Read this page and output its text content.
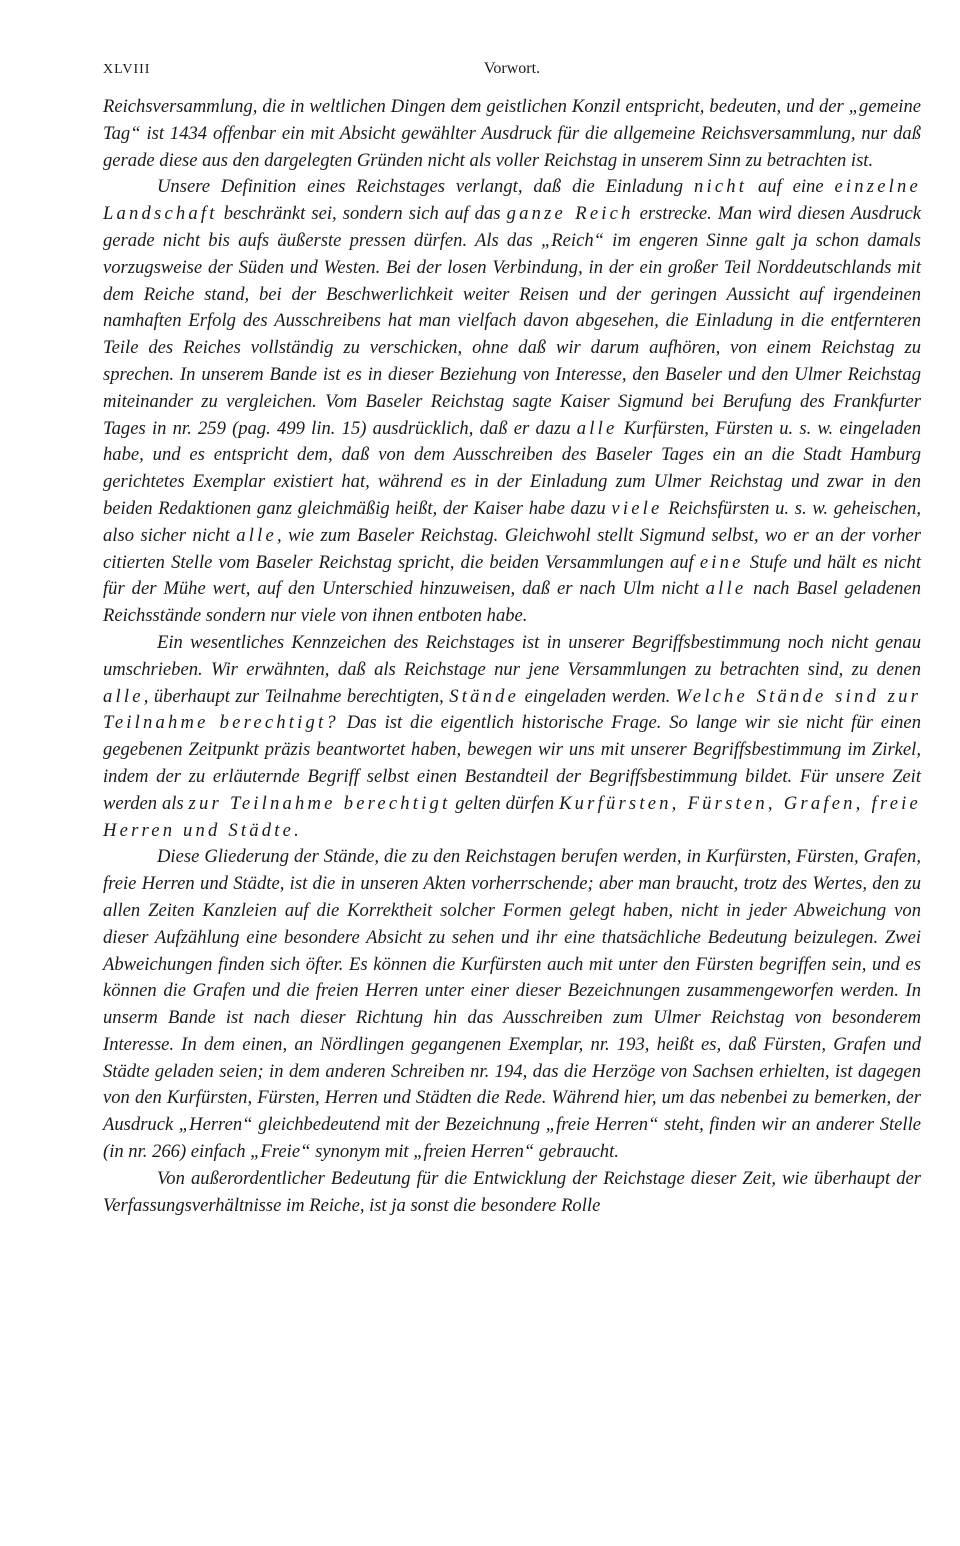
XLVIII	Vorwort.

Reichsversammlung, die in weltlichen Dingen dem geistlichen Konzil entspricht, bedeuten, und der „gemeine Tag“ ist 1434 offenbar ein mit Absicht gewählter Ausdruck für die allgemeine Reichsversammlung, nur daß gerade diese aus den dargelegten Gründen nicht als voller Reichstag in unserem Sinn zu betrachten ist.

Unsere Definition eines Reichstages verlangt, daß die Einladung nicht auf eine einzelne Landschaft beschränkt sei, sondern sich auf das ganze Reich erstrecke. Man wird diesen Ausdruck gerade nicht bis aufs äußerste pressen dürfen. Als das „Reich“ im engeren Sinne galt ja schon damals vorzugsweise der Süden und Westen. Bei der losen Verbindung, in der ein großer Teil Norddeutschlands mit dem Reiche stand, bei der Beschwerlichkeit weiter Reisen und der geringen Aussicht auf irgendeinen namhaften Erfolg des Ausschreibens hat man vielfach davon abgesehen, die Einladung in die entfernteren Teile des Reiches vollständig zu verschicken, ohne daß wir darum aufhören, von einem Reichstag zu sprechen. In unserem Bande ist es in dieser Beziehung von Interesse, den Baseler und den Ulmer Reichstag miteinander zu vergleichen. Vom Baseler Reichstag sagte Kaiser Sigmund bei Berufung des Frankfurter Tages in nr. 259 (pag. 499 lin. 15) ausdrücklich, daß er dazu alle Kurfürsten, Fürsten u. s. w. eingeladen habe, und es entspricht dem, daß von dem Ausschreiben des Baseler Tages ein an die Stadt Hamburg gerichtetes Exemplar existiert hat, während es in der Einladung zum Ulmer Reichstag und zwar in den beiden Redaktionen ganz gleichmäßig heißt, der Kaiser habe dazu viele Reichsfürsten u. s. w. geheischen, also sicher nicht alle, wie zum Baseler Reichstag. Gleichwohl stellt Sigmund selbst, wo er an der vorher citierten Stelle vom Baseler Reichstag spricht, die beiden Versammlungen auf eine Stufe und hält es nicht für der Mühe wert, auf den Unterschied hinzuweisen, daß er nach Ulm nicht alle nach Basel geladenen Reichsstände sondern nur viele von ihnen entboten habe.

Ein wesentliches Kennzeichen des Reichstages ist in unserer Begriffsbestimmung noch nicht genau umschrieben. Wir erwähnten, daß als Reichstage nur jene Versammlungen zu betrachten sind, zu denen alle, überhaupt zur Teilnahme berechtigten, Stände eingeladen werden. Welche Stände sind zur Teilnahme berechtigt? Das ist die eigentlich historische Frage. So lange wir sie nicht für einen gegebenen Zeitpunkt präzis beantwortet haben, bewegen wir uns mit unserer Begriffsbestimmung im Zirkel, indem der zu erläuternde Begriff selbst einen Bestandteil der Begriffsbestimmung bildet. Für unsere Zeit werden als zur Teilnahme berechtigt gelten dürfen Kurfürsten, Fürsten, Grafen, freie Herren und Städte.

Diese Gliederung der Stände, die zu den Reichstagen berufen werden, in Kurfürsten, Fürsten, Grafen, freie Herren und Städte, ist die in unseren Akten vorherrschende; aber man braucht, trotz des Wertes, den zu allen Zeiten Kanzleien auf die Korrektheit solcher Formen gelegt haben, nicht in jeder Abweichung von dieser Aufzählung eine besondere Absicht zu sehen und ihr eine thatsächliche Bedeutung beizulegen. Zwei Abweichungen finden sich öfter. Es können die Kurfürsten auch mit unter den Fürsten begriffen sein, und es können die Grafen und die freien Herren unter einer dieser Bezeichnungen zusammengeworfen werden. In unserm Bande ist nach dieser Richtung hin das Ausschreiben zum Ulmer Reichstag von besonderem Interesse. In dem einen, an Nördlingen gegangenen Exemplar, nr. 193, heißt es, daß Fürsten, Grafen und Städte geladen seien; in dem anderen Schreiben nr. 194, das die Herzöge von Sachsen erhielten, ist dagegen von den Kurfürsten, Fürsten, Herren und Städten die Rede. Während hier, um das nebenbei zu bemerken, der Ausdruck „Herren“ gleichbedeutend mit der Bezeichnung „freie Herren“ steht, finden wir an anderer Stelle (in nr. 266) einfach „Freie“ synonym mit „freien Herren“ gebraucht.

Von außerordentlicher Bedeutung für die Entwicklung der Reichstage dieser Zeit, wie überhaupt der Verfassungsverhältnisse im Reiche, ist ja sonst die besondere Rolle
